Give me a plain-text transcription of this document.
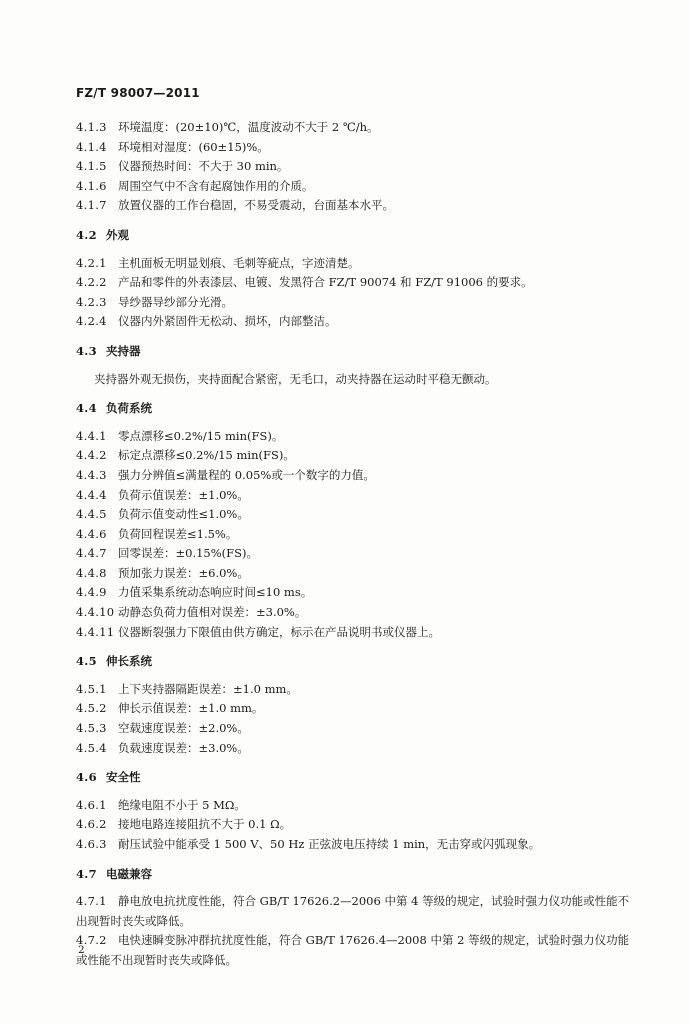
FZ/T 98007—2011
4.1.3 环境温度：(20±10)℃，温度波动不大于 2 ℃/h。
4.1.4 环境相对湿度：(60±15)%。
4.1.5 仪器预热时间：不大于 30 min。
4.1.6 周围空气中不含有起腐蚀作用的介质。
4.1.7 放置仪器的工作台稳固，不易受震动，台面基本水平。
4.2 外观
4.2.1 主机面板无明显划痕、毛刺等疵点，字迹清楚。
4.2.2 产品和零件的外表漆层、电镀、发黑符合 FZ/T 90074 和 FZ/T 91006 的要求。
4.2.3 导纱器导纱部分光滑。
4.2.4 仪器内外紧固件无松动、损坏，内部整洁。
4.3 夹持器
夹持器外观无损伤，夹持面配合紧密，无毛口，动夹持器在运动时平稳无颤动。
4.4 负荷系统
4.4.1 零点漂移≤0.2%/15 min(FS)。
4.4.2 标定点漂移≤0.2%/15 min(FS)。
4.4.3 强力分辨值≤满量程的 0.05%或一个数字的力值。
4.4.4 负荷示值误差：±1.0%。
4.4.5 负荷示值变动性≤1.0%。
4.4.6 负荷回程误差≤1.5%。
4.4.7 回零误差：±0.15%(FS)。
4.4.8 预加张力误差：±6.0%。
4.4.9 力值采集系统动态响应时间≤10 ms。
4.4.10 动静态负荷力值相对误差：±3.0%。
4.4.11 仪器断裂强力下限值由供方确定，标示在产品说明书或仪器上。
4.5 伸长系统
4.5.1 上下夹持器隔距误差：±1.0 mm。
4.5.2 伸长示值误差：±1.0 mm。
4.5.3 空载速度误差：±2.0%。
4.5.4 负载速度误差：±3.0%。
4.6 安全性
4.6.1 绝缘电阻不小于 5 MΩ。
4.6.2 接地电路连接阻抗不大于 0.1 Ω。
4.6.3 耐压试验中能承受 1 500 V、50 Hz 正弦波电压持续 1 min，无击穿或闪弧现象。
4.7 电磁兼容
4.7.1 静电放电抗扰度性能，符合 GB/T 17626.2—2006 中第 4 等级的规定，试验时强力仪功能或性能不出现暂时丧失或降低。
4.7.2 电快速瞬变脉冲群抗扰度性能，符合 GB/T 17626.4—2008 中第 2 等级的规定，试验时强力仪功能或性能不出现暂时丧失或降低。
2
